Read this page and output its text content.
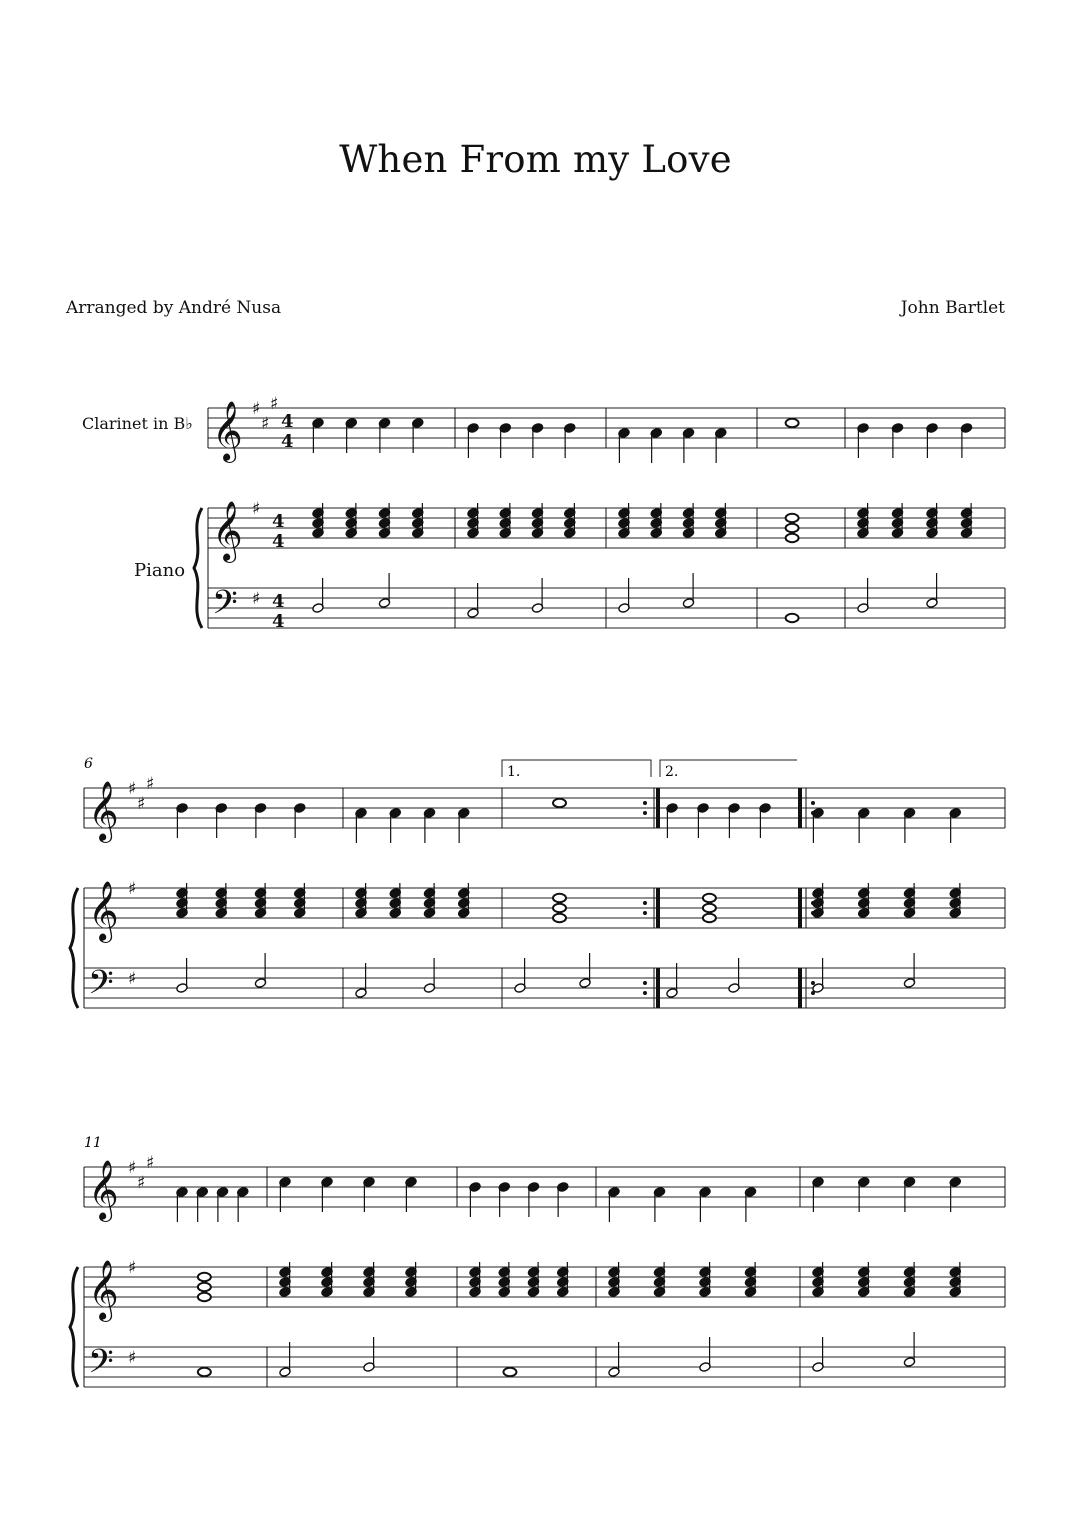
When From my Love
Arranged by André Nusa	John Bartlet
Clarinet in B♭
Piano
𝄞
𝄞
𝄢
♯
♯
♯
♯
♯
4
4
4
4
4
4
𝄞
𝄞
𝄢
♯
♯
♯
♯
♯
𝄞
𝄞
𝄢
♯
♯
♯
♯
♯
6
11
1.	2.
